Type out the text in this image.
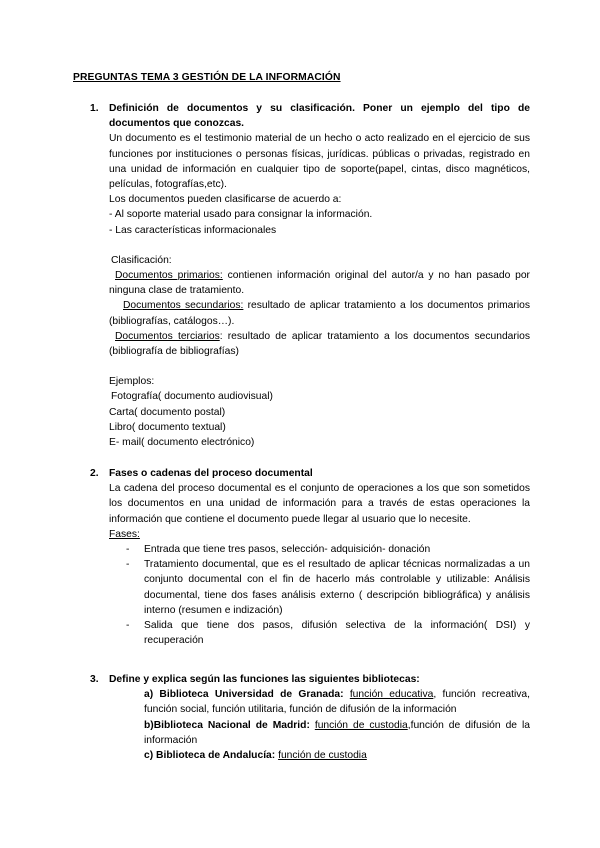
PREGUNTAS TEMA 3 GESTIÓN DE LA INFORMACIÓN
1. Definición de documentos y su clasificación. Poner un ejemplo del tipo de documentos que conozcas.

Un documento es el testimonio material de un hecho o acto realizado en el ejercicio de sus funciones por instituciones o personas físicas, jurídicas. públicas o privadas, registrado en una unidad de información en cualquier tipo de soporte(papel, cintas, disco magnéticos, películas, fotografías,etc).

Los documentos pueden clasificarse de acuerdo a:

- Al soporte material usado para consignar la información.

- Las características informacionales

Clasificación:

Documentos primarios: contienen información original del autor/a y no han pasado por ninguna clase de tratamiento.

Documentos secundarios: resultado de aplicar tratamiento a los documentos primarios (bibliografías, catálogos…).

Documentos terciarios: resultado de aplicar tratamiento a los documentos secundarios (bibliografía de bibliografías)

Ejemplos:

Fotografía( documento audiovisual)

Carta( documento postal)

Libro( documento textual)

E- mail( documento electrónico)

2. Fases o cadenas del proceso documental

La cadena del proceso documental es el conjunto de operaciones a los que son sometidos los documentos en una unidad de información para a través de estas operaciones la información que contiene el documento puede llegar al usuario que lo necesite.

Fases:

- Entrada que tiene tres pasos, selección- adquisición- donación
- Tratamiento documental, que es el resultado de aplicar técnicas normalizadas a un conjunto documental con el fin de hacerlo más controlable y utilizable: Análisis documental, tiene dos fases análisis externo ( descripción bibliográfica) y análisis interno (resumen e indización)
- Salida que tiene dos pasos, difusión selectiva de la información( DSI) y recuperación
3. Define y explica según las funciones las siguientes bibliotecas:

a) Biblioteca Universidad de Granada: función educativa, función recreativa, función social, función utilitaria, función de difusión de la información

b)Biblioteca Nacional de Madrid: función de custodia,función de difusión de la información

c) Biblioteca de Andalucía: función de custodia
